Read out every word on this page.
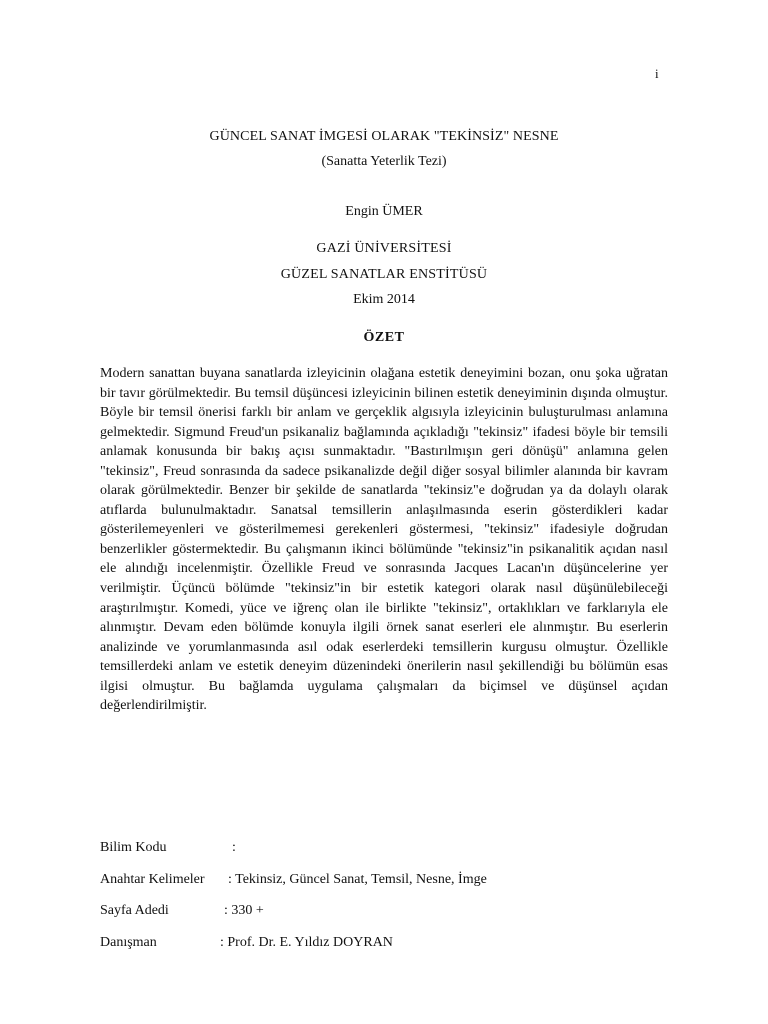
i
GÜNCEL SANAT İMGESİ OLARAK "TEKİNSİZ" NESNE
(Sanatta Yeterlik Tezi)
Engin ÜMER
GAZİ ÜNİVERSİTESİ
GÜZEL SANATLAR ENSTİTÜSÜ
Ekim 2014
ÖZET

Modern sanattan buyana sanatlarda izleyicinin olağana estetik deneyimini bozan, onu şoka uğratan bir tavır görülmektedir. Bu temsil düşüncesi izleyicinin bilinen estetik deneyiminin dışında olmuştur. Böyle bir temsil önerisi farklı bir anlam ve gerçeklik algısıyla izleyicinin buluşturulması anlamına gelmektedir. Sigmund Freud'un psikanaliz bağlamında açıkladığı "tekinsiz" ifadesi böyle bir temsili anlamak konusunda bir bakış açısı sunmaktadır. "Bastırılmışın geri dönüşü" anlamına gelen "tekinsiz", Freud sonrasında da sadece psikanalizde değil diğer sosyal bilimler alanında bir kavram olarak görülmektedir. Benzer bir şekilde de sanatlarda "tekinsiz"e doğrudan ya da dolaylı olarak atıflarda bulunulmaktadır. Sanatsal temsillerin anlaşılmasında eserin gösterdikleri kadar gösterilemeyenleri ve gösterilmemesi gerekenleri göstermesi, "tekinsiz" ifadesiyle doğrudan benzerlikler göstermektedir. Bu çalışmanın ikinci bölümünde "tekinsiz"in psikanalitik açıdan nasıl ele alındığı incelenmiştir. Özellikle Freud ve sonrasında Jacques Lacan'ın düşüncelerine yer verilmiştir. Üçüncü bölümde "tekinsiz"in bir estetik kategori olarak nasıl düşünülebileceği araştırılmıştır. Komedi, yüce ve iğrenç olan ile birlikte "tekinsiz", ortaklıkları ve farklarıyla ele alınmıştır. Devam eden bölümde konuyla ilgili örnek sanat eserleri ele alınmıştır. Bu eserlerin analizinde ve yorumlanmasında asıl odak eserlerdeki temsillerin kurgusu olmuştur. Özellikle temsillerdeki anlam ve estetik deneyim düzenindeki önerilerin nasıl şekillendiği bu bölümün esas ilgisi olmuştur. Bu bağlamda uygulama çalışmaları da biçimsel ve düşünsel açıdan değerlendirilmiştir.

Bilim Kodu	:
Anahtar Kelimeler : Tekinsiz, Güncel Sanat, Temsil, Nesne, İmge
Sayfa Adedi	: 330 +
Danışman	: Prof. Dr. E. Yıldız DOYRAN
